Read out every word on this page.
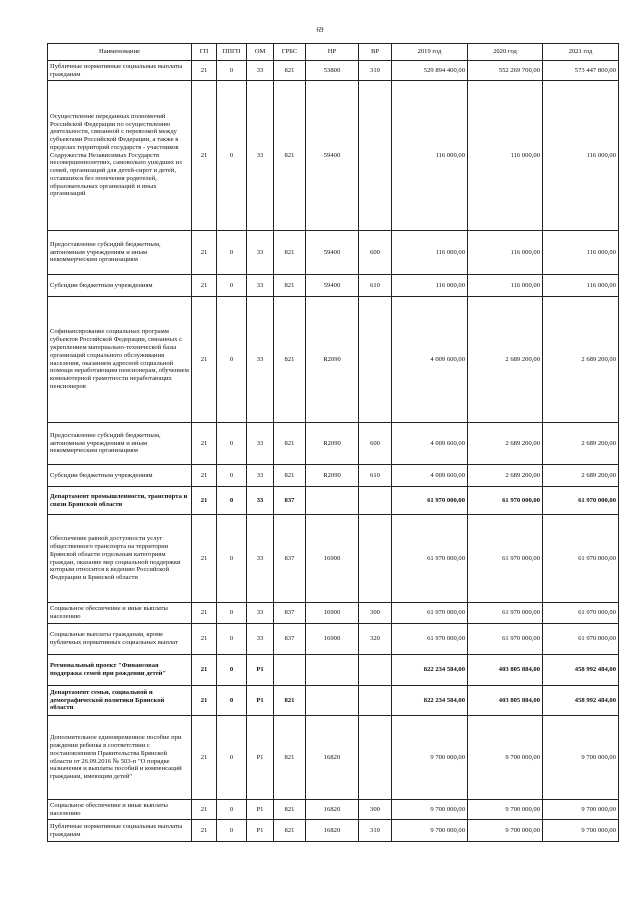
69
Наименование	ГП	ППГП	ОМ	ГРБС	НР	ВР	2019 год	2020 год	2021 год
Публичные нормативные социальные выплаты гражданам	21	0	33	821	53800	310	529 894 400,00	552 269 700,00	573 447 800,00
Осуществление переданных полномочий Российской Федерации по осуществлению деятельности, связанной с перевозкой между субъектами Российской Федерации, а также в пределах территорий государств - участников Содружества Независимых Государств несовершеннолетних, самовольно ушедших из семей, организаций для детей-сирот и детей, оставшихся без попечения родителей, образовательных организаций и иных организаций	21	0	33	821	59400		116 000,00	116 000,00	116 000,00
Предоставление субсидий бюджетным, автономным учреждениям и иным некоммерческим организациям	21	0	33	821	59400	600	116 000,00	116 000,00	116 000,00
Субсидии бюджетным учреждениям	21	0	33	821	59400	610	116 000,00	116 000,00	116 000,00
Софинансирование социальных программ субъектов Российской Федерации, связанных с укреплением материально-технической базы организаций социального обслуживания населения, оказанием адресной социальной помощи неработающим пенсионерам, обучением компьютерной грамотности неработающих пенсионеров	21	0	33	821	R2090		4 009 600,00	2 689 200,00	2 689 200,00
Предоставление субсидий бюджетным, автономным учреждениям и иным некоммерческим организациям	21	0	33	821	R2090	600	4 009 600,00	2 689 200,00	2 689 200,00
Субсидии бюджетным учреждениям	21	0	33	821	R2090	610	4 009 600,00	2 689 200,00	2 689 200,00
Департамент промышленности, транспорта и связи Брянской области	21	0	33	837			61 970 000,00	61 970 000,00	61 970 000,00
Обеспечение равной доступности услуг общественного транспорта на территории Брянской области отдельным категориям граждан, оказание мер социальной поддержки которым относится к ведению Российской Федерации и Брянской области	21	0	33	837	16900		61 970 000,00	61 970 000,00	61 970 000,00
Социальное обеспечение и иные выплаты населению	21	0	33	837	16900	300	61 970 000,00	61 970 000,00	61 970 000,00
Социальные выплаты гражданам, кроме публичных нормативных социальных выплат	21	0	33	837	16900	320	61 970 000,00	61 970 000,00	61 970 000,00
Региональный проект "Финансовая поддержка семей при рождении детей"	21	0	P1				822 234 584,00	403 805 884,00	458 992 484,00
Департамент семьи, социальной и демографической политики Брянской области	21	0	P1	821			822 234 584,00	403 805 884,00	458 992 484,00
Дополнительное единовременное пособие при рождении ребенка в соответствии с постановлением Правительства Брянской области от 26.09.2016 № 503-п "О порядке назначения и выплаты пособий и компенсаций гражданам, имеющим детей"	21	0	P1	821	16820		9 700 000,00	9 700 000,00	9 700 000,00
Социальное обеспечение и иные выплаты населению	21	0	P1	821	16820	300	9 700 000,00	9 700 000,00	9 700 000,00
Публичные нормативные социальные выплаты гражданам	21	0	P1	821	16820	310	9 700 000,00	9 700 000,00	9 700 000,00
